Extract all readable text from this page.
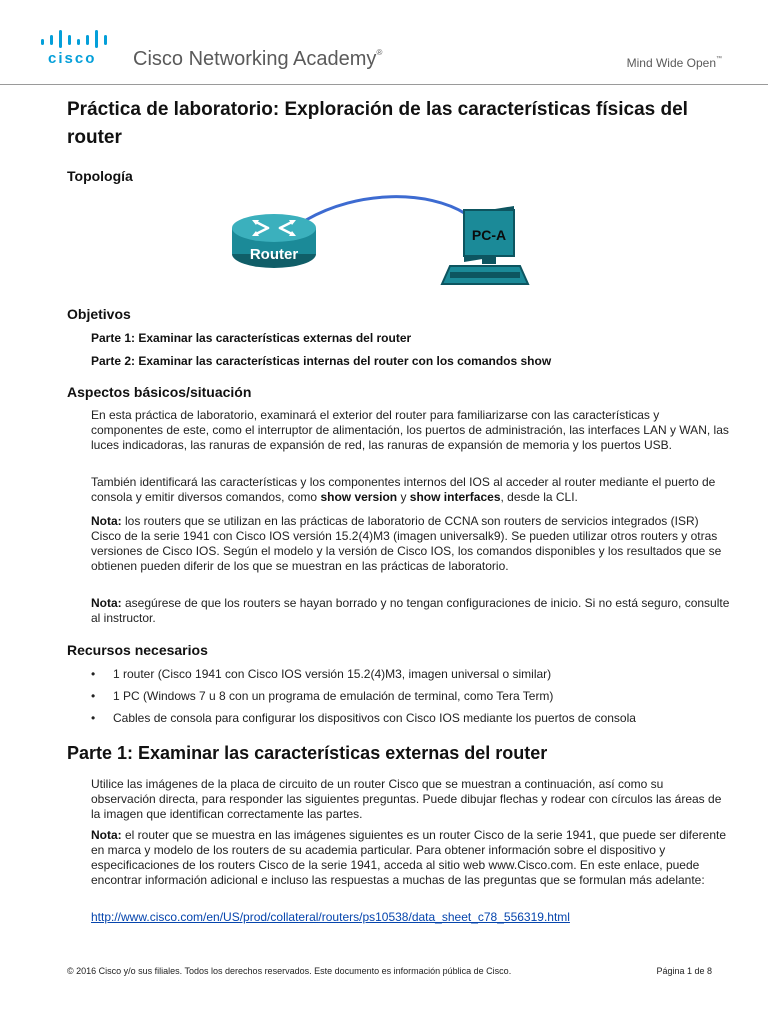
cisco Cisco Networking Academy®
Mind Wide Open™
Práctica de laboratorio: Exploración de las características físicas del router
Topología
Router
PC-A
Objetivos
Parte 1: Examinar las características externas del router
Parte 2: Examinar las características internas del router con los comandos show
Aspectos básicos/situación

En esta práctica de laboratorio, examinará el exterior del router para familiarizarse con las características y componentes de este, como el interruptor de alimentación, los puertos de administración, las interfaces LAN y WAN, las luces indicadoras, las ranuras de expansión de red, las ranuras de expansión de memoria y los puertos USB.

También identificará las características y los componentes internos del IOS al acceder al router mediante el puerto de consola y emitir diversos comandos, como show version y show interfaces, desde la CLI.

Nota: los routers que se utilizan en las prácticas de laboratorio de CCNA son routers de servicios integrados (ISR) Cisco de la serie 1941 con Cisco IOS versión 15.2(4)M3 (imagen universalk9). Se pueden utilizar otros routers y otras versiones de Cisco IOS. Según el modelo y la versión de Cisco IOS, los comandos disponibles y los resultados que se obtienen pueden diferir de los que se muestran en las prácticas de laboratorio.

Nota: asegúrese de que los routers se hayan borrado y no tengan configuraciones de inicio. Si no está seguro, consulte al instructor.

Recursos necesarios
• 1 router (Cisco 1941 con Cisco IOS versión 15.2(4)M3, imagen universal o similar)
• 1 PC (Windows 7 u 8 con un programa de emulación de terminal, como Tera Term)
• Cables de consola para configurar los dispositivos con Cisco IOS mediante los puertos de consola
Parte 1: Examinar las características externas del router

Utilice las imágenes de la placa de circuito de un router Cisco que se muestran a continuación, así como su observación directa, para responder las siguientes preguntas. Puede dibujar flechas y rodear con círculos las áreas de la imagen que identifican correctamente las partes.

Nota: el router que se muestra en las imágenes siguientes es un router Cisco de la serie 1941, que puede ser diferente en marca y modelo de los routers de su academia particular. Para obtener información sobre el dispositivo y especificaciones de los routers Cisco de la serie 1941, acceda al sitio web www.Cisco.com. En este enlace, puede encontrar información adicional e incluso las respuestas a muchas de las preguntas que se formulan más adelante:

http://www.cisco.com/en/US/prod/collateral/routers/ps10538/data_sheet_c78_556319.html
© 2016 Cisco y/o sus filiales. Todos los derechos reservados. Este documento es información pública de Cisco.	Página 1 de 8
